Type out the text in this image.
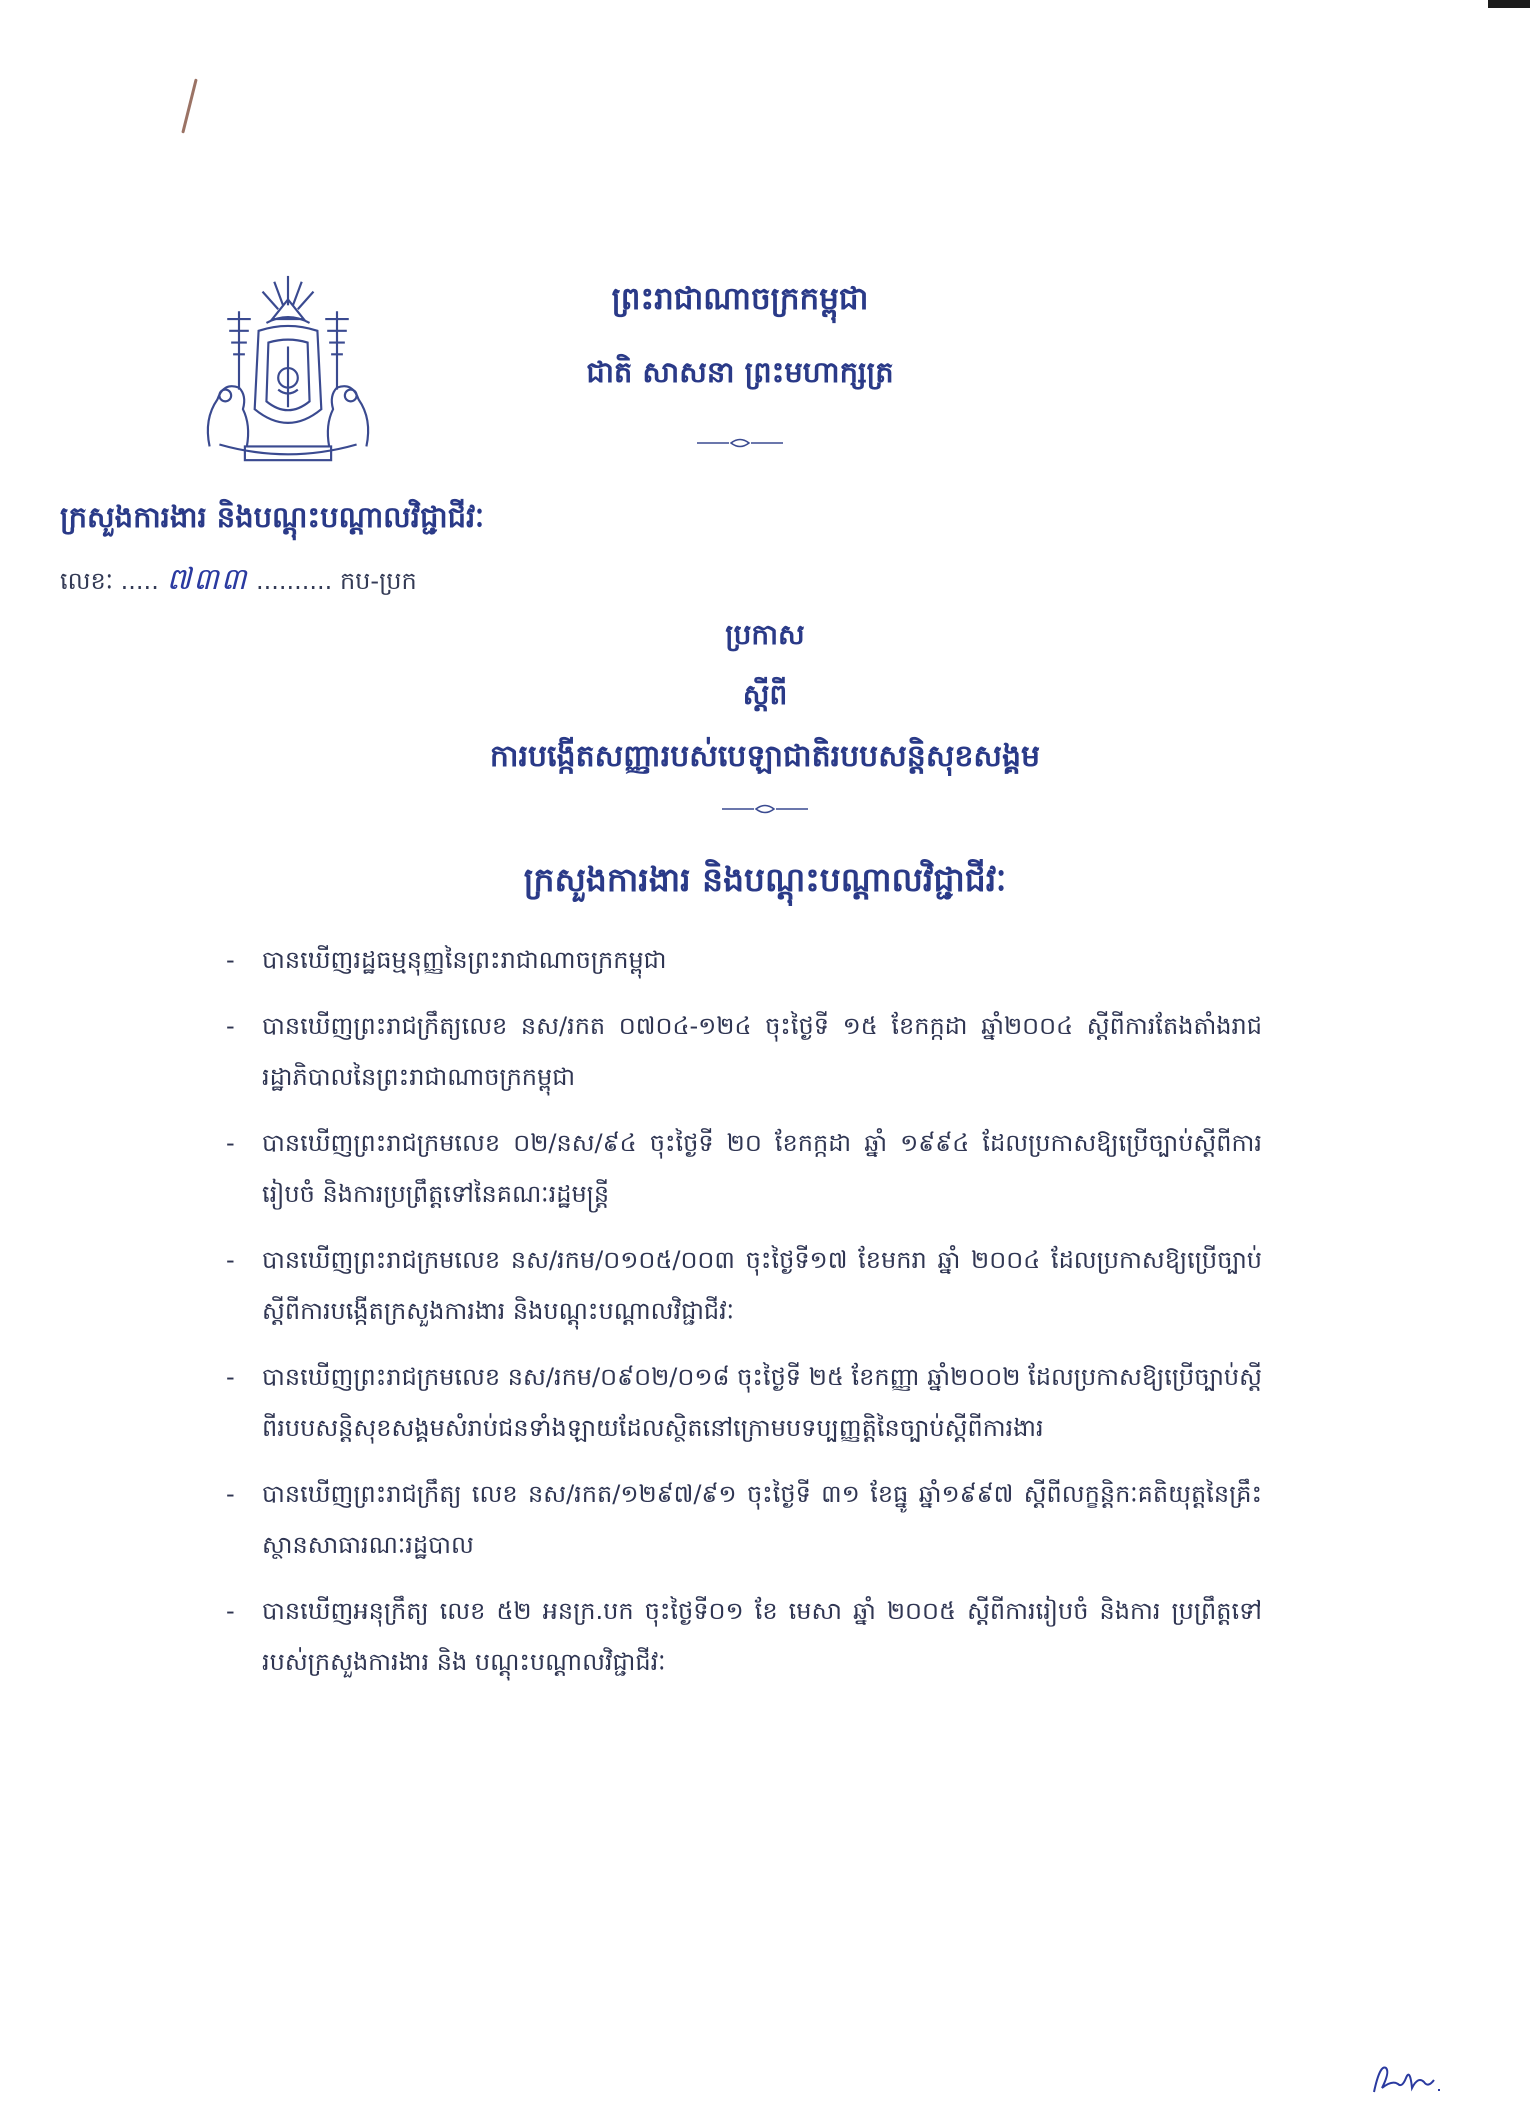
ព្រះរាជាណាចក្រកម្ពុជា
ជាតិ សាសនា ព្រះមហាក្សត្រ
ក្រសួងការងារ និងបណ្តុះបណ្តាលវិជ្ជាជីវៈ
លេខៈ ..... ៧៣៣ .......... កប-ប្រក
ប្រកាស
ស្តីពី
ការបង្កើតសញ្ញារបស់បេឡាជាតិរបបសន្តិសុខសង្គម
ក្រសួងការងារ និងបណ្តុះបណ្តាលវិជ្ជាជីវៈ
- បានឃើញរដ្ឋធម្មនុញ្ញនៃព្រះរាជាណាចក្រកម្ពុជា
- បានឃើញព្រះរាជក្រឹត្យលេខ នស/រកត ០៧០៤-១២៤ ចុះថ្ងៃទី ១៥ ខែកក្កដា ឆ្នាំ២០០៤ ស្តីពីការតែងតាំងរាជរដ្ឋាភិបាលនៃព្រះរាជាណាចក្រកម្ពុជា
- បានឃើញព្រះរាជក្រមលេខ ០២/នស/៩៤ ចុះថ្ងៃទី ២០ ខែកក្កដា ឆ្នាំ ១៩៩៤ ដែលប្រកាសឱ្យប្រើច្បាប់ស្តីពីការរៀបចំ និងការប្រព្រឹត្តទៅនៃគណៈរដ្ឋមន្ត្រី
- បានឃើញព្រះរាជក្រមលេខ នស/រកម/០១០៥/០០៣ ចុះថ្ងៃទី១៧ ខែមករា ឆ្នាំ ២០០៤ ដែលប្រកាសឱ្យប្រើច្បាប់ស្តីពីការបង្កើតក្រសួងការងារ និងបណ្តុះបណ្តាលវិជ្ជាជីវៈ
- បានឃើញព្រះរាជក្រមលេខ នស/រកម/០៩០២/០១៨ ចុះថ្ងៃទី ២៥ ខែកញ្ញា ឆ្នាំ២០០២ ដែលប្រកាសឱ្យប្រើច្បាប់ស្តីពីរបបសន្តិសុខសង្គមសំរាប់ជនទាំងឡាយដែលស្ថិតនៅក្រោមបទប្បញ្ញត្តិនៃច្បាប់ស្តីពីការងារ
- បានឃើញព្រះរាជក្រឹត្យ លេខ នស/រកត/១២៩៧/៩១ ចុះថ្ងៃទី ៣១ ខែធ្នូ ឆ្នាំ១៩៩៧ ស្តីពីលក្ខន្តិកៈគតិយុត្តនៃគ្រឹះស្ថានសាធារណៈរដ្ឋបាល
- បានឃើញអនុក្រឹត្យ លេខ ៥២ អនក្រ.បក ចុះថ្ងៃទី០១ ខែ មេសា ឆ្នាំ ២០០៥ ស្តីពីការរៀបចំ និងការ ប្រព្រឹត្តទៅរបស់ក្រសួងការងារ និង បណ្តុះបណ្តាលវិជ្ជាជីវៈ
